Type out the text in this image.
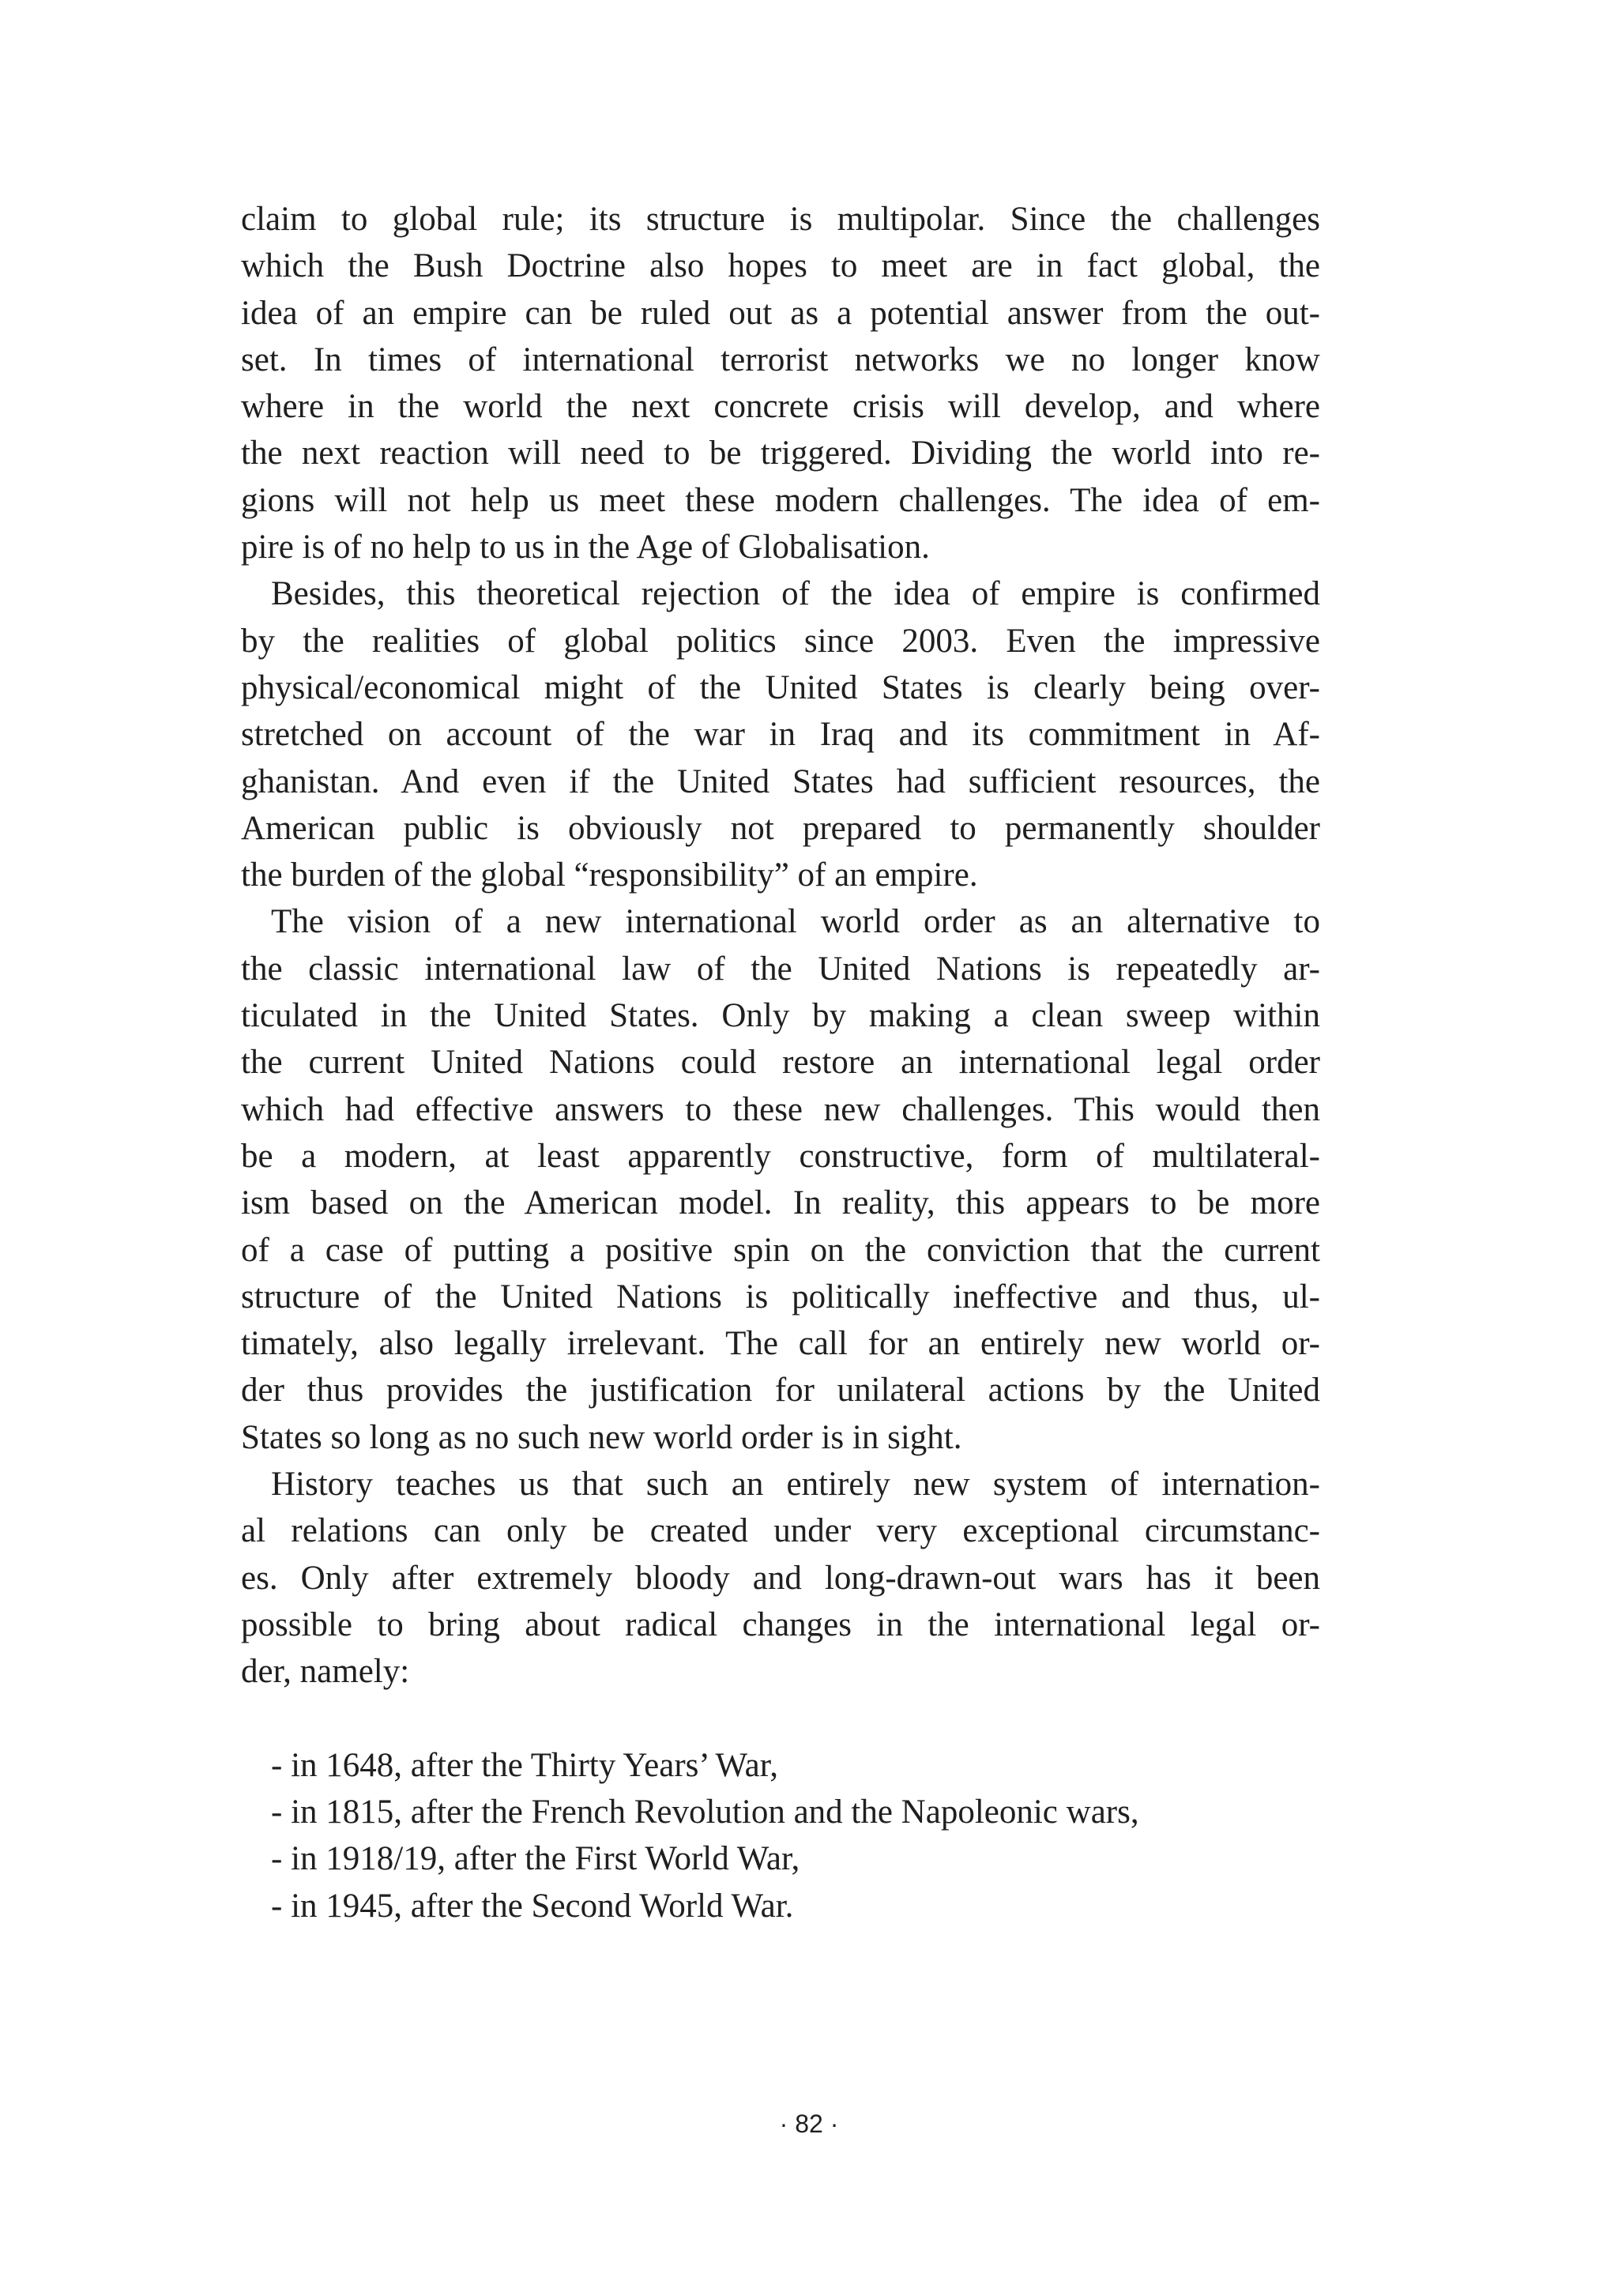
claim to global rule; its structure is multipolar. Since the challenges
which the Bush Doctrine also hopes to meet are in fact global, the
idea of an empire can be ruled out as a potential answer from the out-
set. In times of international terrorist networks we no longer know
where in the world the next concrete crisis will develop, and where
the next reaction will need to be triggered. Dividing the world into re-
gions will not help us meet these modern challenges. The idea of em-
pire is of no help to us in the Age of Globalisation.
Besides, this theoretical rejection of the idea of empire is confirmed
by the realities of global politics since 2003. Even the impressive
physical/economical might of the United States is clearly being over-
stretched on account of the war in Iraq and its commitment in Af-
ghanistan. And even if the United States had sufficient resources, the
American public is obviously not prepared to permanently shoulder
the burden of the global “responsibility” of an empire.
The vision of a new international world order as an alternative to
the classic international law of the United Nations is repeatedly ar-
ticulated in the United States. Only by making a clean sweep within
the current United Nations could restore an international legal order
which had effective answers to these new challenges. This would then
be a modern, at least apparently constructive, form of multilateral-
ism based on the American model. In reality, this appears to be more
of a case of putting a positive spin on the conviction that the current
structure of the United Nations is politically ineffective and thus, ul-
timately, also legally irrelevant. The call for an entirely new world or-
der thus provides the justification for unilateral actions by the United
States so long as no such new world order is in sight.
History teaches us that such an entirely new system of internation-
al relations can only be created under very exceptional circumstanc-
es. Only after extremely bloody and long-drawn-out wars has it been
possible to bring about radical changes in the international legal or-
der, namely:
- in 1648, after the Thirty Years’ War,
- in 1815, after the French Revolution and the Napoleonic wars,
- in 1918/19, after the First World War,
- in 1945, after the Second World War.
· 82 ·
